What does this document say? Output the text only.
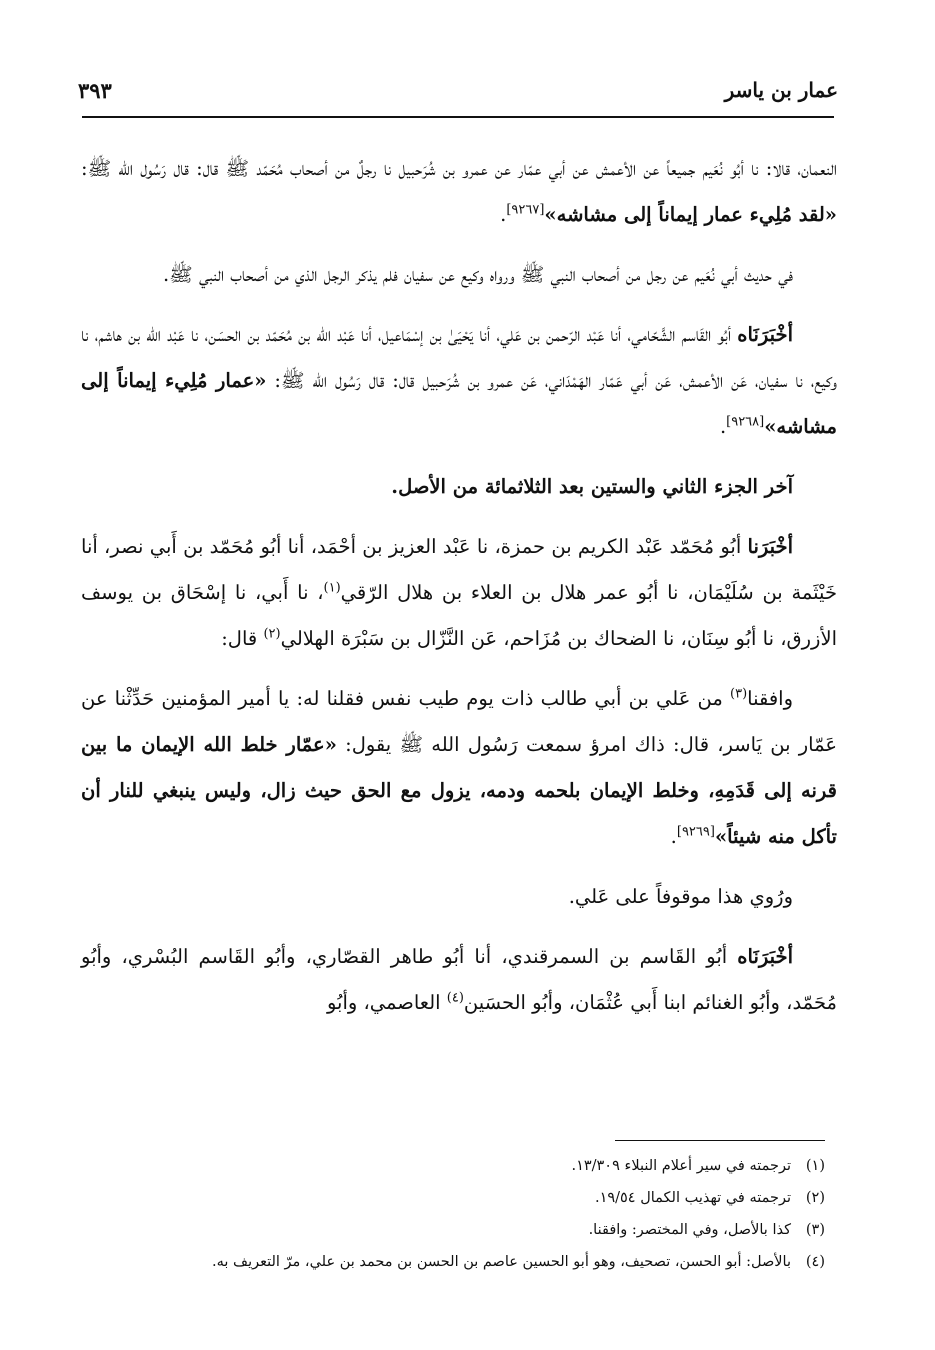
عمار بن ياسر
٣٩٣

النعمان، قالا: نا أبُو نُعَيم جميعاً عن الأعمش عن أبي عمّار عن عمرو بن شُرَحبيل نا رجلٌ من أصحاب مُحَمّد ﷺ قال: قال رَسُول الله ﷺ: «لقد مُلِيء عمار إيماناً إلى مشاشه»[٩٢٦٧].

في حديث أبي نُعَيم عن رجل من أصحاب النبي ﷺ ورواه وكيع عن سفيان فلم يذكر الرجل الذي من أصحاب النبي ﷺ.

أخْبَرَنَاه أبُو القَاسم الشَّحّامي، أنا عَبْد الرّحمن بن عَلي، أنا يَحْيَىٰ بن إسْمَاعيل، أنا عَبْد الله بن مُحَمّد بن الحسَن، نا عَبْد الله بن هاشم، نا وكيع، نا سفيان، عَن الأعمش، عَن أبي عَمّار الهَمْدَاني، عَن عمرو بن شُرَحبيل قال: قال رَسُول الله ﷺ: «عمار مُلِيء إيماناً إلى مشاشه»[٩٢٦٨].

آخر الجزء الثاني والستين بعد الثلاثمائة من الأصل.

أخْبَرَنا أبُو مُحَمّد عَبْد الكريم بن حمزة، نا عَبْد العزيز بن أحْمَد، أنا أبُو مُحَمّد بن أَبي نصر، أنا خَيْثَمة بن سُلَيْمَان، نا أبُو عمر هلال بن العلاء بن هلال الرّقي$^{(١)}$، نا أَبي، نا إسْحَاق بن يوسف الأزرق، نا أبُو سِنَان، نا الضحاك بن مُزَاحم، عَن النَّزّال بن سَبْرَة الهلالي$^{(٢)}$ قال:

وافقنا$^{(٣)}$ من عَلي بن أبي طالب ذات يوم طيب نفس فقلنا له: يا أمير المؤمنين حَدِّثْنا عن عَمّار بن يَاسر، قال: ذاك امرؤ سمعت رَسُول الله ﷺ يقول: «عمّار خلط الله الإيمان ما بين قرنه إلى قَدَمِهِ، وخلط الإيمان بلحمه ودمه، يزول مع الحق حيث زال، وليس ينبغي للنار أن تأكل منه شيئاً»[٩٢٦٩].

ورُوي هذا موقوفاً على عَلي.

أخْبَرَنَاه أبُو القَاسم بن السمرقندي، أنا أبُو طاهر القصّاري، وأبُو القَاسم البُسْري، وأبُو مُحَمّد، وأبُو الغنائم ابنا أَبي عُثْمَان، وأبُو الحسَين$^{(٤)}$ العاصمي، وأبُو

(١)
ترجمته في سير أعلام النبلاء ١٣/٣٠٩.
(٢)
ترجمته في تهذيب الكمال ١٩/٥٤.
(٣)
كذا بالأصل، وفي المختصر: وافقنا.
(٤)
بالأصل: أبو الحسن، تصحيف، وهو أبو الحسين عاصم بن الحسن بن محمد بن علي، مرّ التعريف به.
